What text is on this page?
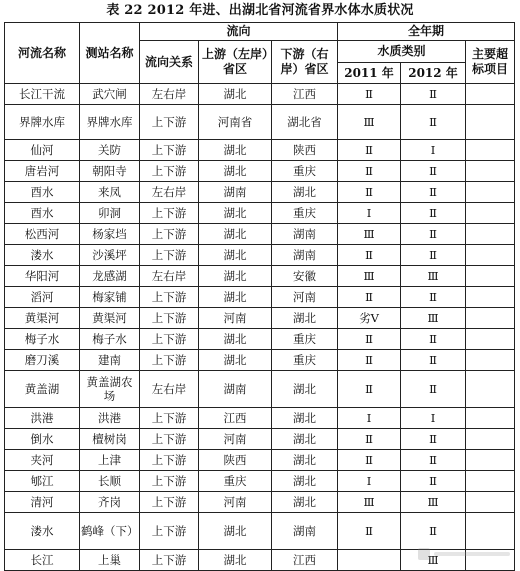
表 22 2012 年进、出湖北省河流省界水体水质状况
河流名称	测站名称	流向			全年期		
		流向关系	上游（左岸）省区	下游（右岸）省区	水质类别		主要超标项目
					2011 年	2012 年	
长江干流	武穴闸	左右岸	湖北	江西	Ⅱ	Ⅱ	
界牌水库	界牌水库	上下游	河南省	湖北省	Ⅲ	Ⅱ	
仙河	关防	上下游	湖北	陕西	Ⅱ	Ⅰ	
唐岩河	朝阳寺	上下游	湖北	重庆	Ⅱ	Ⅱ	
酉水	来凤	左右岸	湖南	湖北	Ⅱ	Ⅱ	
酉水	卯洞	上下游	湖北	重庆	Ⅰ	Ⅱ	
松西河	杨家垱	上下游	湖北	湖南	Ⅲ	Ⅱ	
溇水	沙溪坪	上下游	湖北	湖南	Ⅱ	Ⅱ	
华阳河	龙感湖	左右岸	湖北	安徽	Ⅲ	Ⅲ	
滔河	梅家铺	上下游	湖北	河南	Ⅱ	Ⅱ	
黄渠河	黄渠河	上下游	河南	湖北	劣Ⅴ	Ⅲ	
梅子水	梅子水	上下游	湖北	重庆	Ⅱ	Ⅱ	
磨刀溪	建南	上下游	湖北	重庆	Ⅱ	Ⅱ	
黄盖湖	黄盖湖农场	左右岸	湖南	湖北	Ⅱ	Ⅱ	
洪港	洪港	上下游	江西	湖北	Ⅰ	Ⅰ	
倒水	檀树岗	上下游	河南	湖北	Ⅱ	Ⅱ	
夹河	上津	上下游	陕西	湖北	Ⅱ	Ⅱ	
郇江	长顺	上下游	重庆	湖北	Ⅰ	Ⅱ	
清河	齐岗	上下游	河南	湖北	Ⅲ	Ⅲ	
溇水	鹤峰（下）	上下游	湖北	湖南	Ⅱ	Ⅱ	
长江	上巢	上下游	湖北	江西		Ⅲ	
